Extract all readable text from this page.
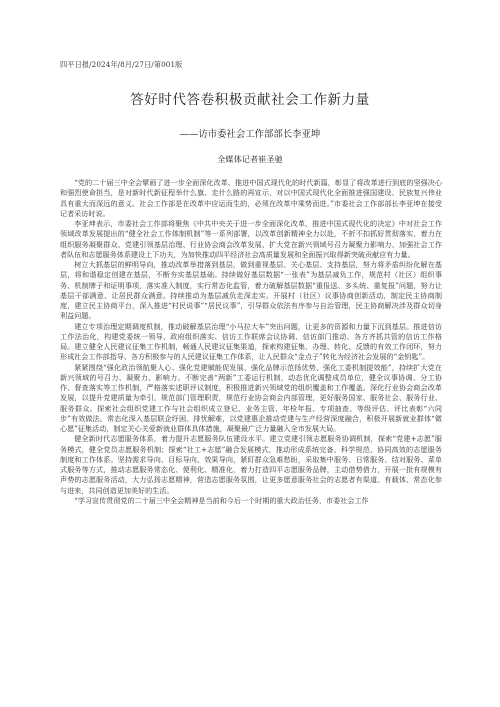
四平日报/2024年/8月/27日/第001版
答好时代答卷积极贡献社会工作新力量
——访市委社会工作部部长李亚坤
全媒体记者崔圣驰

“党的二十届三中全会擘画了进一步全面深化改革、推进中国式现代化的时代新篇，彰显了将改革进行到底的坚强决心和强烈使命担当，是对新时代新征程举什么旗、走什么路的再宣示，对以中国式现代化全面推进强国建设、民族复兴伟业具有重大而深远的意义。社会工作部是在改革中应运而生的，必须在改革中乘势而进。”市委社会工作部部长李亚坤在接受记者采访时说。

李亚坤表示，市委社会工作部将聚焦《中共中央关于进一步全面深化改革、推进中国式现代化的决定》中对社会工作领域改革发展提出的“健全社会工作体制机制”等一系列部署，以改革创新精神全力以赴，不折不扣抓好贯彻落实，着力在组织服务凝聚群众、党建引领基层治理、行业协会商会改革发展、扩大党在新兴领域号召力凝聚力影响力、加强社会工作者队伍和志愿服务体系建设上下功夫，为加快推动四平经济社会高质量发展和全面振兴取得新突破贡献应有力量。

树立大抓基层的鲜明导向，推动改革举措落到基层，做到重视基层、关心基层、支持基层，努力将矛盾纠纷化解在基层，将和谐稳定创建在基层，不断夯实基层基础。持续做好基层数据“一张表”为基层减负工作，规范村（社区）组织事务、机制牌子和证明事项，落实准入制度，实行常态化监管，着力破解基层数据“重报送、多头统、重复报”问题，努力让基层干部满意、让居民群众满意。持续推动为基层减负走深走实。开展村（社区）议事协商创新活动，制定民主协商制度，建立民主协商平台，深入推进“村民说事”“居民议事”，引导群众依法有序参与自治管理，民主协商解决涉及群众切身利益问题。

建立专项治理定期调度机制，推动破解基层治理“小马拉大车”突出问题，让更多的资源和力量下沉到基层。推进信访工作法治化，构建党委统一领导、政府组织落实、信访工作联席会议协调、信访部门推动、各方齐抓共管的信访工作格局。建立健全人民建议征集工作机制，畅通人民建议征集渠道，探索构建征集、办理、转化、反馈的有效工作闭环，努力形成社会工作部指导、各方积极参与的人民建议征集工作体系，让人民群众“金点子”转化为经济社会发展的“金钥匙”。

紧紧围绕“强化政治领航聚人心、强化党建赋能促发展、强化品牌示范扬优势、强化工委机制提效能”，持续扩大党在新兴领域的号召力、凝聚力、影响力。不断完善“两新”工委运行机制，动态优化调整成员单位，健全议事协调、分工协作、督查落实等工作机制，严格落实述职评议制度，积极推进新兴领域党的组织覆盖和工作覆盖。深化行业协会商会改革发展，以提升党建质量为牵引，规范部门管理职责，规范行业协会商会内部管理，更好服务国家、服务社会、服务行业、服务群众。探索社会组织党建工作与社会组织成立登记、业务主管、年检年报、专项抽查、等级评估、评比表彰“六同步”有效做法。常态化深入基层联企纾困、排忧解难，以党建惠企推动党建与生产经营深度融合，积极开展新就业群体“微心愿”征集活动，制定关心关爱新就业群体具体措施，凝聚最广泛力量融入全市发展大局。

健全新时代志愿服务体系，着力提升志愿服务队伍建设水平。建立党建引领志愿服务协调机制，探索“党建+志愿”服务模式，健全党员志愿服务机制；探索“社工+志愿”融合发展模式，推动形成系统完备、科学规范、协同高效的志愿服务制度和工作体系。坚持需求导向、目标导向、效果导向，紧盯群众急难愁盼，采取集中服务、日常服务、结对服务、菜单式服务等方式，推动志愿服务常态化、便利化、精准化，着力打造四平志愿服务品牌，主动借势借力，开展一批有规模有声势的志愿服务活动，大力弘扬志愿精神，营造志愿服务氛围，让更多愿意服务社会的志愿者有渠道、有载体、常态化参与进来，共同创造更加美好的生活。

“学习宣传贯彻党的二十届三中全会精神是当前和今后一个时期的重大政治任务，市委社会工作
